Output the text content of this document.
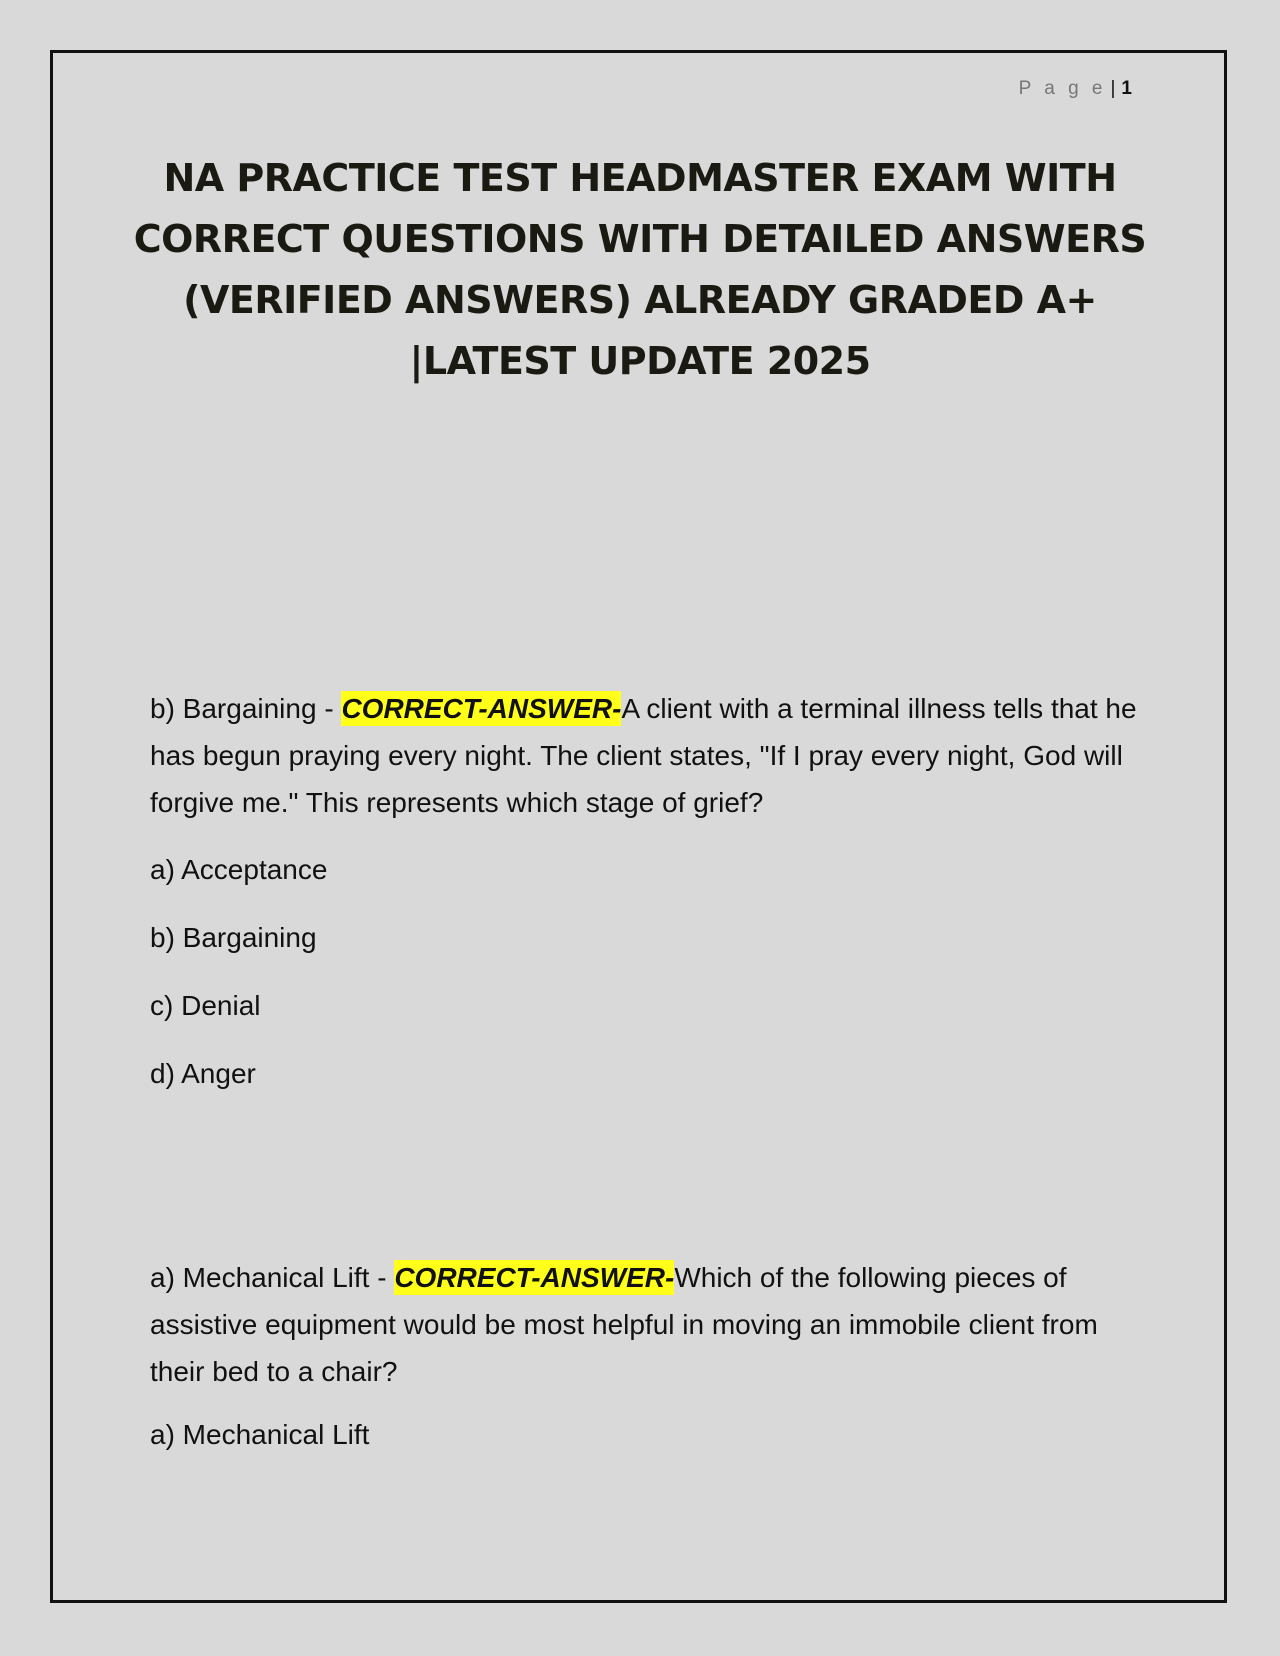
P a g e | 1
NA PRACTICE TEST HEADMASTER EXAM WITH CORRECT QUESTIONS WITH DETAILED ANSWERS (VERIFIED ANSWERS) ALREADY GRADED A+ |LATEST UPDATE 2025

b) Bargaining - CORRECT-ANSWER-A client with a terminal illness tells that he has begun praying every night. The client states, "If I pray every night, God will forgive me." This represents which stage of grief?

a) Acceptance

b) Bargaining

c) Denial

d) Anger

a) Mechanical Lift - CORRECT-ANSWER-Which of the following pieces of assistive equipment would be most helpful in moving an immobile client from their bed to a chair?

a) Mechanical Lift
